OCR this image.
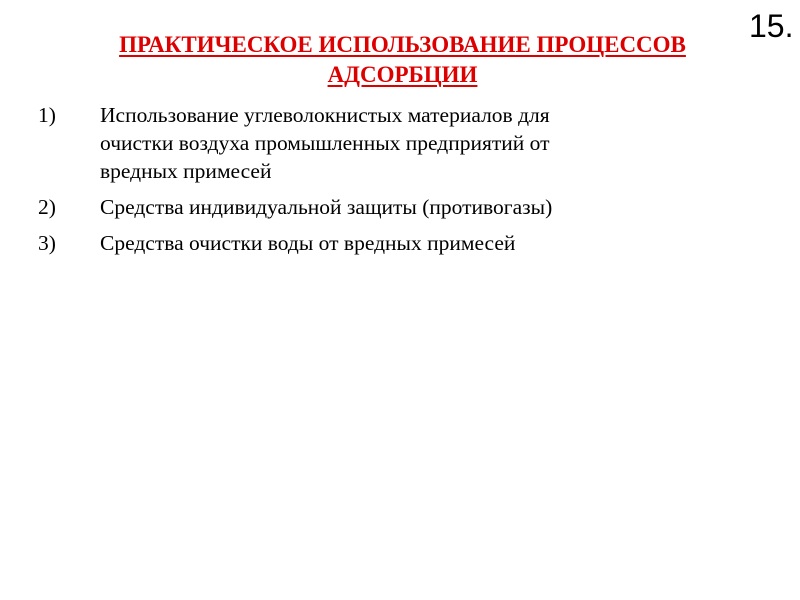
15.
ПРАКТИЧЕСКОЕ ИСПОЛЬЗОВАНИЕ ПРОЦЕССОВ
АДСОРБЦИИ
1) Использование углеволокнистых материалов для
очистки воздуха промышленных предприятий от
вредных примесей
2) Средства индивидуальной защиты (противогазы)
3) Средства очистки воды от вредных примесей
